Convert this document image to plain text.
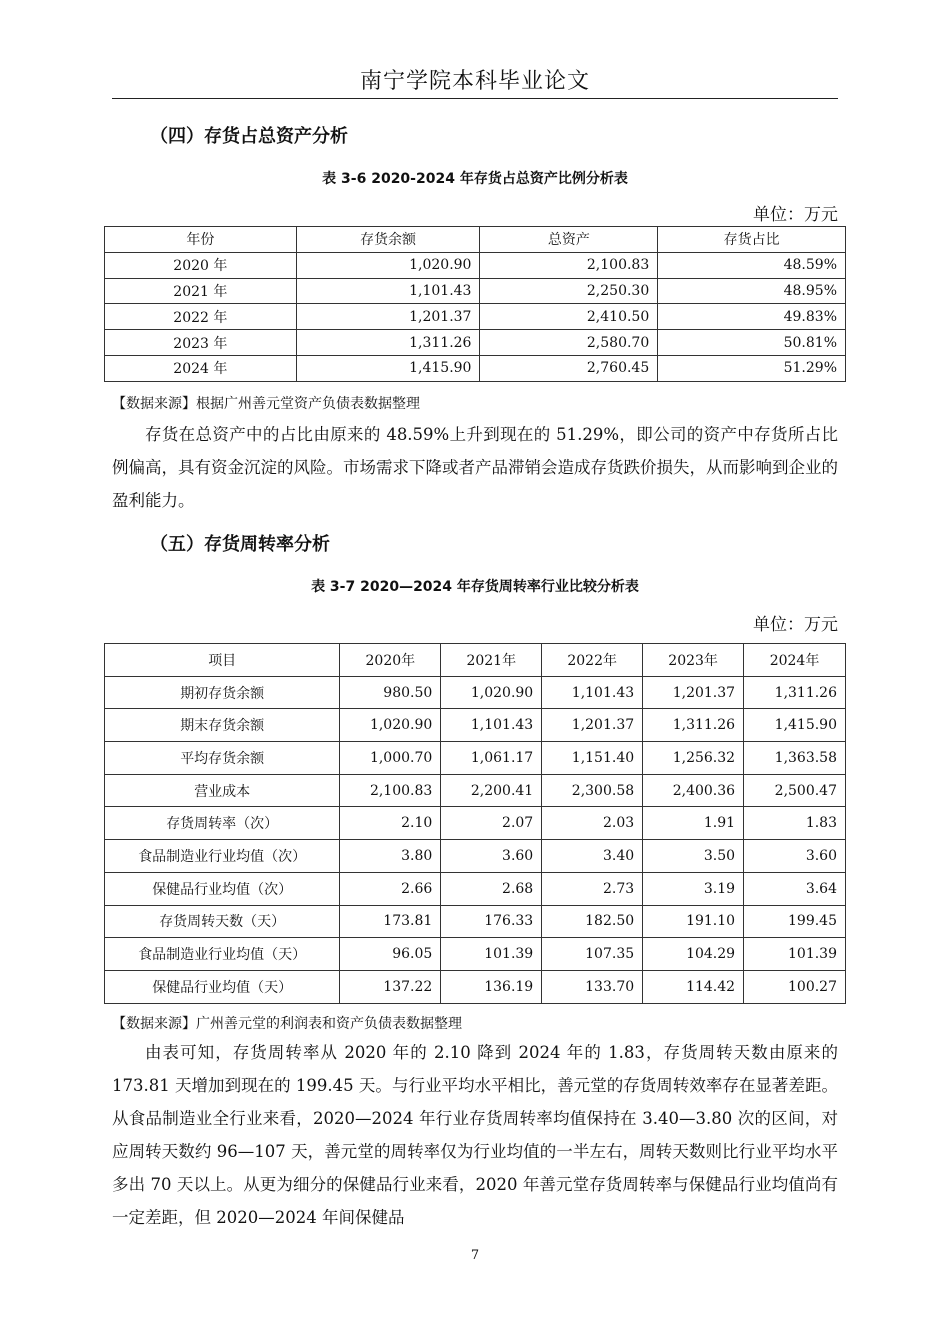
南宁学院本科毕业论文
（四）存货占总资产分析
表 3-6 2020-2024 年存货占总资产比例分析表
单位：万元
年份	存货余额	总资产	存货占比
2020 年	1,020.90	2,100.83	48.59%
2021 年	1,101.43	2,250.30	48.95%
2022 年	1,201.37	2,410.50	49.83%
2023 年	1,311.26	2,580.70	50.81%
2024 年	1,415.90	2,760.45	51.29%
【数据来源】根据广州善元堂资产负债表数据整理

存货在总资产中的占比由原来的 48.59%上升到现在的 51.29%，即公司的资产中存货所占比例偏高，具有资金沉淀的风险。市场需求下降或者产品滞销会造成存货跌价损失，从而影响到企业的盈利能力。

（五）存货周转率分析
表 3-7 2020—2024 年存货周转率行业比较分析表
单位：万元
项目	2020年	2021年	2022年	2023年	2024年
期初存货余额	980.50	1,020.90	1,101.43	1,201.37	1,311.26
期末存货余额	1,020.90	1,101.43	1,201.37	1,311.26	1,415.90
平均存货余额	1,000.70	1,061.17	1,151.40	1,256.32	1,363.58
营业成本	2,100.83	2,200.41	2,300.58	2,400.36	2,500.47
存货周转率（次）	2.10	2.07	2.03	1.91	1.83
食品制造业行业均值（次）	3.80	3.60	3.40	3.50	3.60
保健品行业均值（次）	2.66	2.68	2.73	3.19	3.64
存货周转天数（天）	173.81	176.33	182.50	191.10	199.45
食品制造业行业均值（天）	96.05	101.39	107.35	104.29	101.39
保健品行业均值（天）	137.22	136.19	133.70	114.42	100.27
【数据来源】广州善元堂的利润表和资产负债表数据整理

由表可知，存货周转率从 2020 年的 2.10 降到 2024 年的 1.83，存货周转天数由原来的 173.81 天增加到现在的 199.45 天。与行业平均水平相比，善元堂的存货周转效率存在显著差距。从食品制造业全行业来看，2020—2024 年行业存货周转率均值保持在 3.40—3.80 次的区间，对应周转天数约 96—107 天，善元堂的周转率仅为行业均值的一半左右，周转天数则比行业平均水平多出 70 天以上。从更为细分的保健品行业来看，2020 年善元堂存货周转率与保健品行业均值尚有一定差距，但 2020—2024 年间保健品

7
